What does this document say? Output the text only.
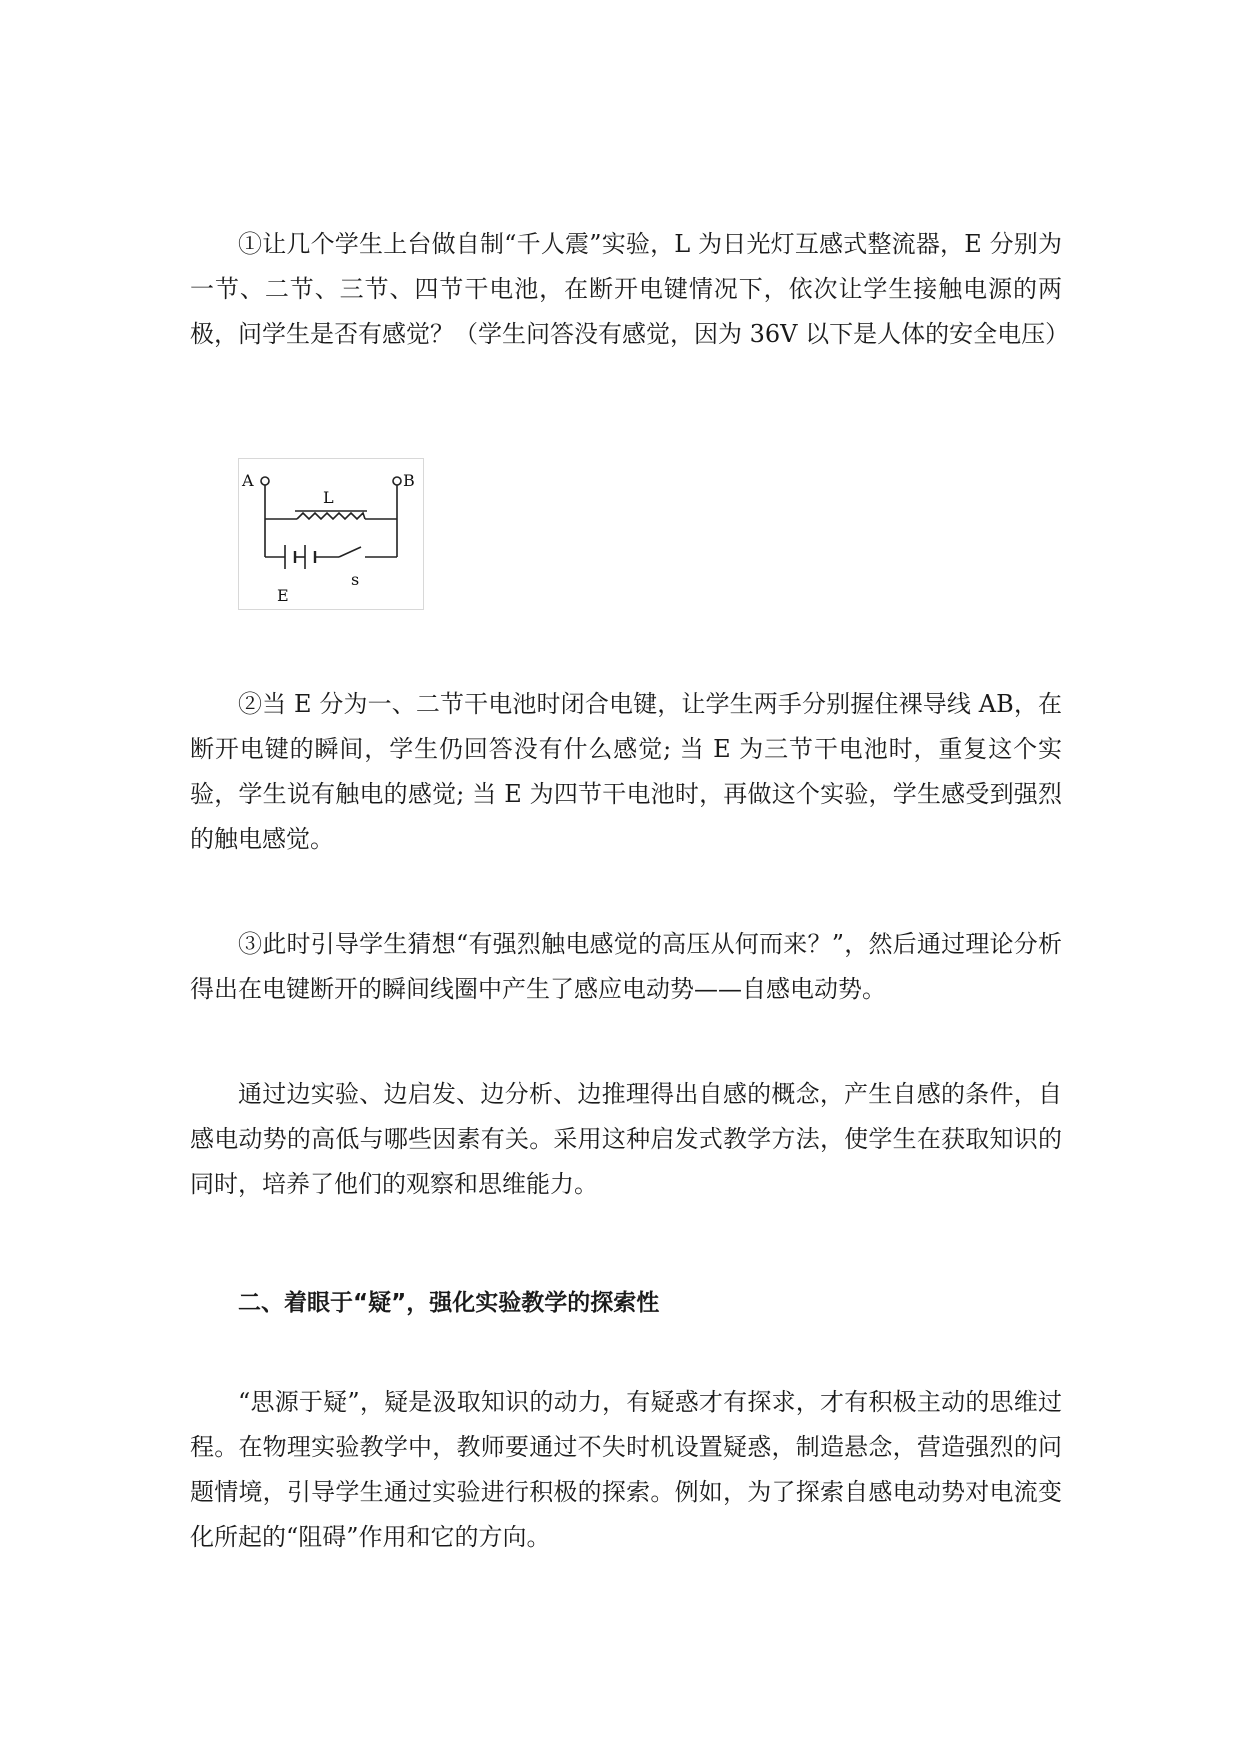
①让几个学生上台做自制“千人震”实验，L 为日光灯互感式整流器，E 分别为一节、二节、三节、四节干电池，在断开电键情况下，依次让学生接触电源的两极，问学生是否有感觉？（学生问答没有感觉，因为 36V 以下是人体的安全电压）

A	B
L
E
s

②当 E 分为一、二节干电池时闭合电键，让学生两手分别握住裸导线 AB，在断开电键的瞬间，学生仍回答没有什么感觉; 当 E 为三节干电池时，重复这个实验，学生说有触电的感觉; 当 E 为四节干电池时，再做这个实验，学生感受到强烈的触电感觉。

③此时引导学生猜想“有强烈触电感觉的高压从何而来？”，然后通过理论分析得出在电键断开的瞬间线圈中产生了感应电动势——自感电动势。

通过边实验、边启发、边分析、边推理得出自感的概念，产生自感的条件，自感电动势的高低与哪些因素有关。采用这种启发式教学方法，使学生在获取知识的同时，培养了他们的观察和思维能力。

二、着眼于“疑”，强化实验教学的探索性

“思源于疑”，疑是汲取知识的动力，有疑惑才有探求，才有积极主动的思维过程。在物理实验教学中，教师要通过不失时机设置疑惑，制造悬念，营造强烈的问题情境，引导学生通过实验进行积极的探索。例如，为了探索自感电动势对电流变化所起的“阻碍”作用和它的方向。
